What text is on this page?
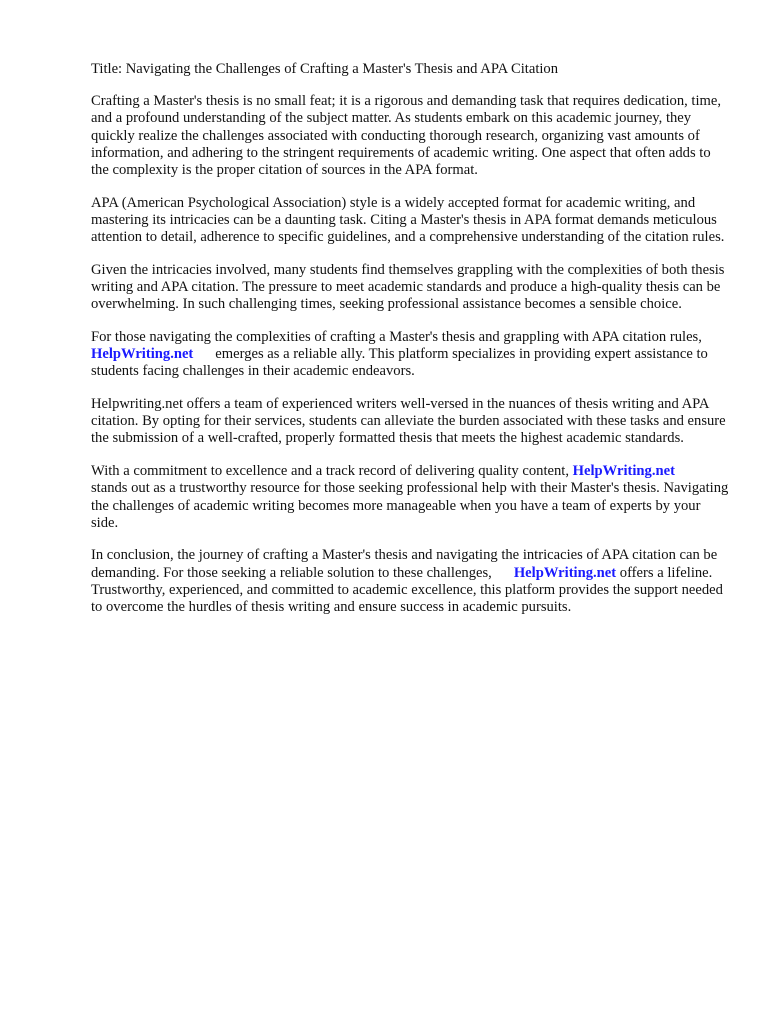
Title: Navigating the Challenges of Crafting a Master's Thesis and APA Citation

Crafting a Master's thesis is no small feat; it is a rigorous and demanding task that requires dedication, time, and a profound understanding of the subject matter. As students embark on this academic journey, they quickly realize the challenges associated with conducting thorough research, organizing vast amounts of information, and adhering to the stringent requirements of academic writing. One aspect that often adds to the complexity is the proper citation of sources in the APA format.

APA (American Psychological Association) style is a widely accepted format for academic writing, and mastering its intricacies can be a daunting task. Citing a Master's thesis in APA format demands meticulous attention to detail, adherence to specific guidelines, and a comprehensive understanding of the citation rules.

Given the intricacies involved, many students find themselves grappling with the complexities of both thesis writing and APA citation. The pressure to meet academic standards and produce a high-quality thesis can be overwhelming. In such challenging times, seeking professional assistance becomes a sensible choice.

For those navigating the complexities of crafting a Master's thesis and grappling with APA citation rules,HelpWriting.net emerges as a reliable ally. This platform specializes in providing expert assistance to students facing challenges in their academic endeavors.

Helpwriting.net offers a team of experienced writers well-versed in the nuances of thesis writing and APA citation. By opting for their services, students can alleviate the burden associated with these tasks and ensure the submission of a well-crafted, properly formatted thesis that meets the highest academic standards.

With a commitment to excellence and a track record of delivering quality content, HelpWriting.netstands out as a trustworthy resource for those seeking professional help with their Master's thesis. Navigating the challenges of academic writing becomes more manageable when you have a team of experts by your side.

In conclusion, the journey of crafting a Master's thesis and navigating the intricacies of APA citation can be demanding. For those seeking a reliable solution to these challenges, HelpWriting.net offers a lifeline. Trustworthy, experienced, and committed to academic excellence, this platform provides the support needed to overcome the hurdles of thesis writing and ensure success in academic pursuits.
